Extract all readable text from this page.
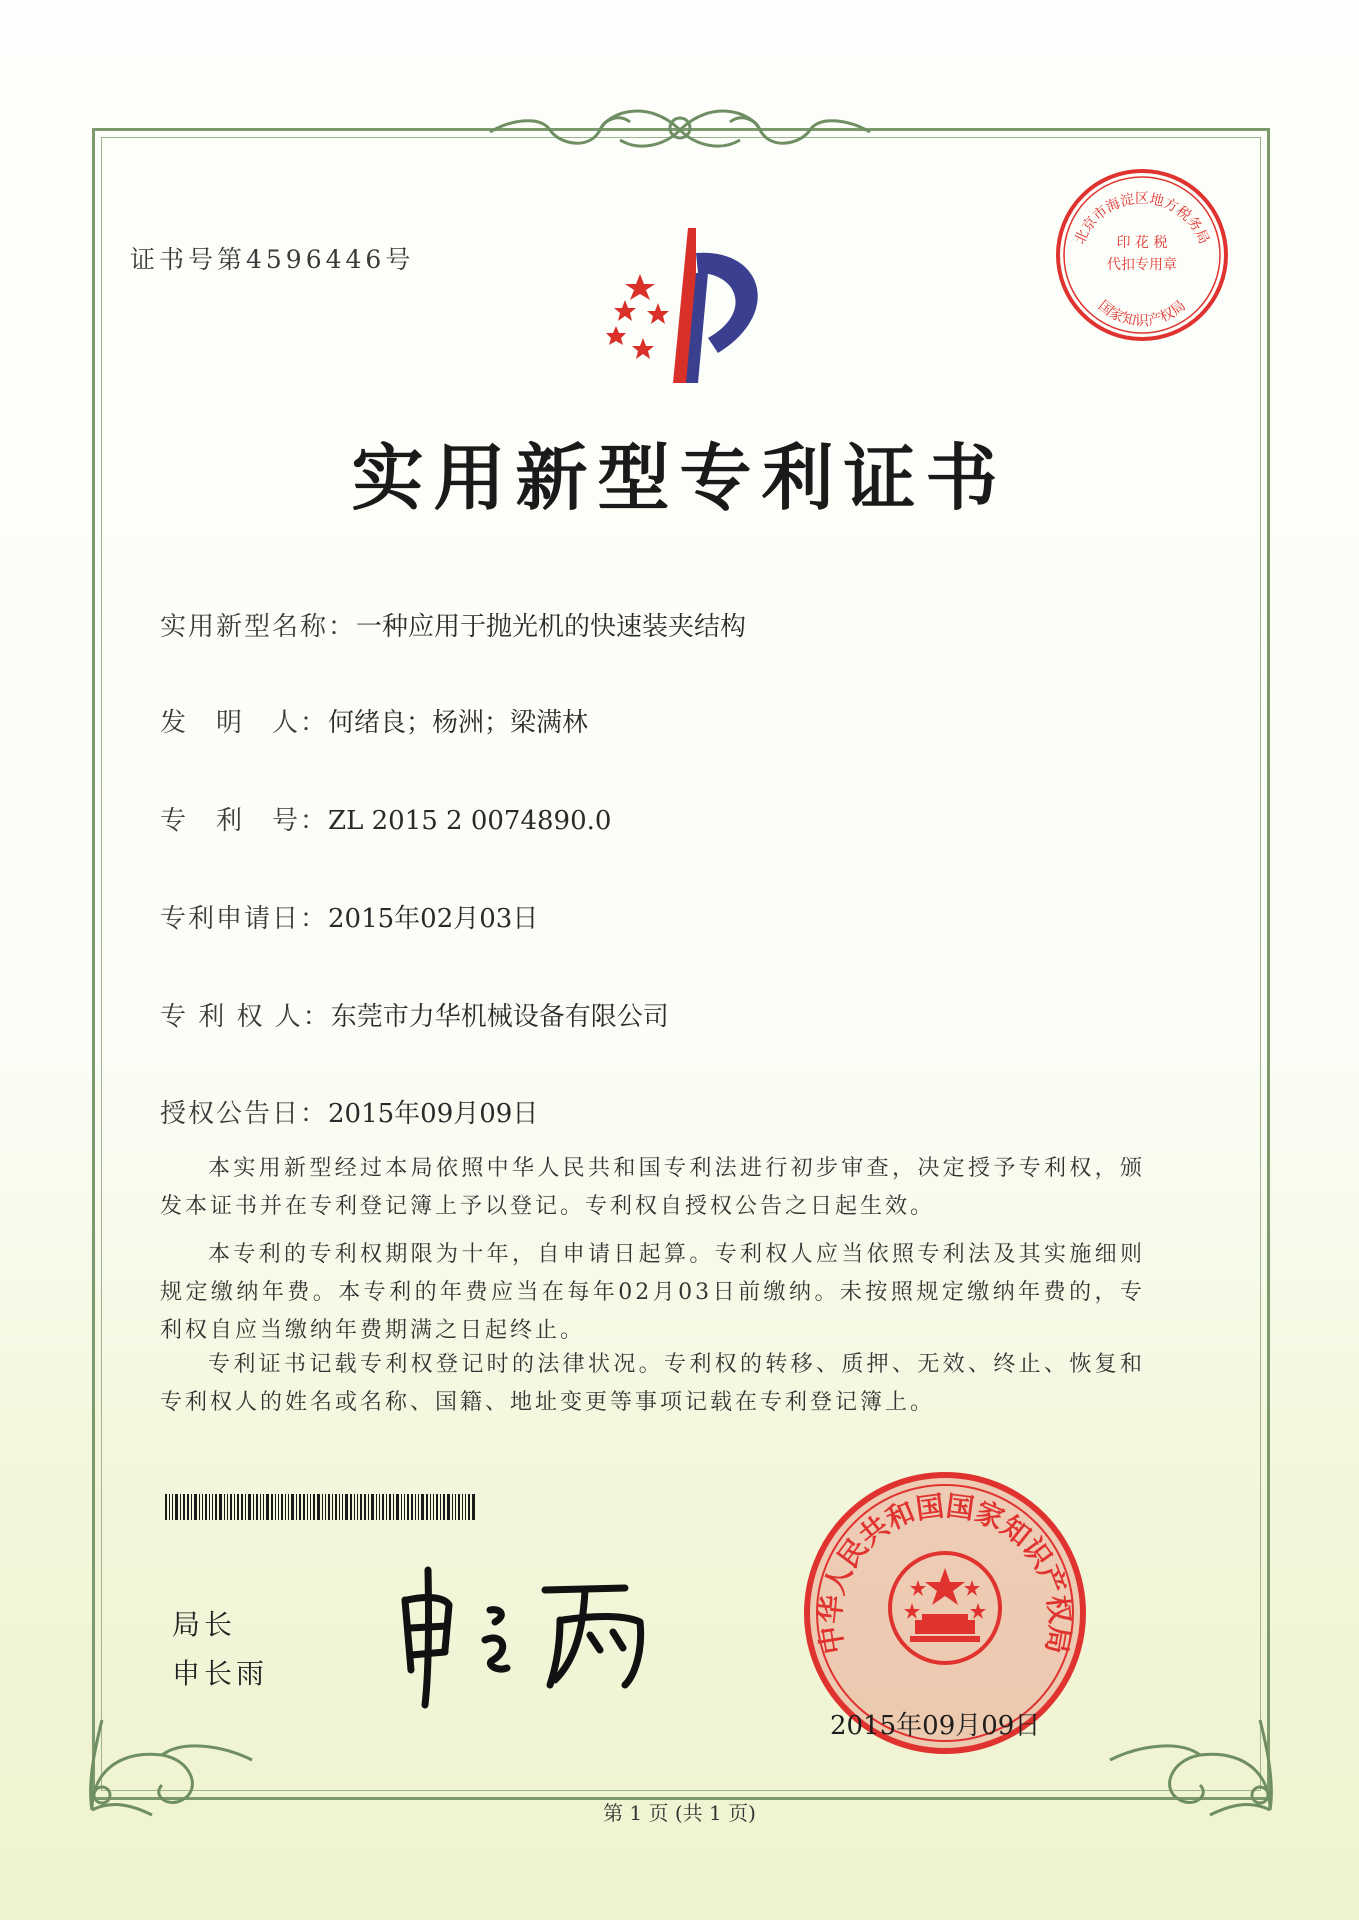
证书号第4596446号
印 花 税
代扣专用章
北京市海淀区地方税务局
国家知识产权局
实用新型专利证书
实用新型名称： 一种应用于抛光机的快速装夹结构
发　明　人： 何绪良；杨洲；梁满林
专　利　号： ZL 2015 2 0074890.0
专利申请日： 2015年02月03日
专 利 权 人： 东莞市力华机械设备有限公司
授权公告日： 2015年09月09日
本实用新型经过本局依照中华人民共和国专利法进行初步审查，决定授予专利权，颁发本证书并在专利登记簿上予以登记。专利权自授权公告之日起生效。
本专利的专利权期限为十年，自申请日起算。专利权人应当依照专利法及其实施细则规定缴纳年费。本专利的年费应当在每年02月03日前缴纳。未按照规定缴纳年费的，专利权自应当缴纳年费期满之日起终止。
专利证书记载专利权登记时的法律状况。专利权的转移、质押、无效、终止、恢复和专利权人的姓名或名称、国籍、地址变更等事项记载在专利登记簿上。
局长
申长雨
中华人民共和国国家知识产权局
2015年09月09日
第 1 页 (共 1 页)
